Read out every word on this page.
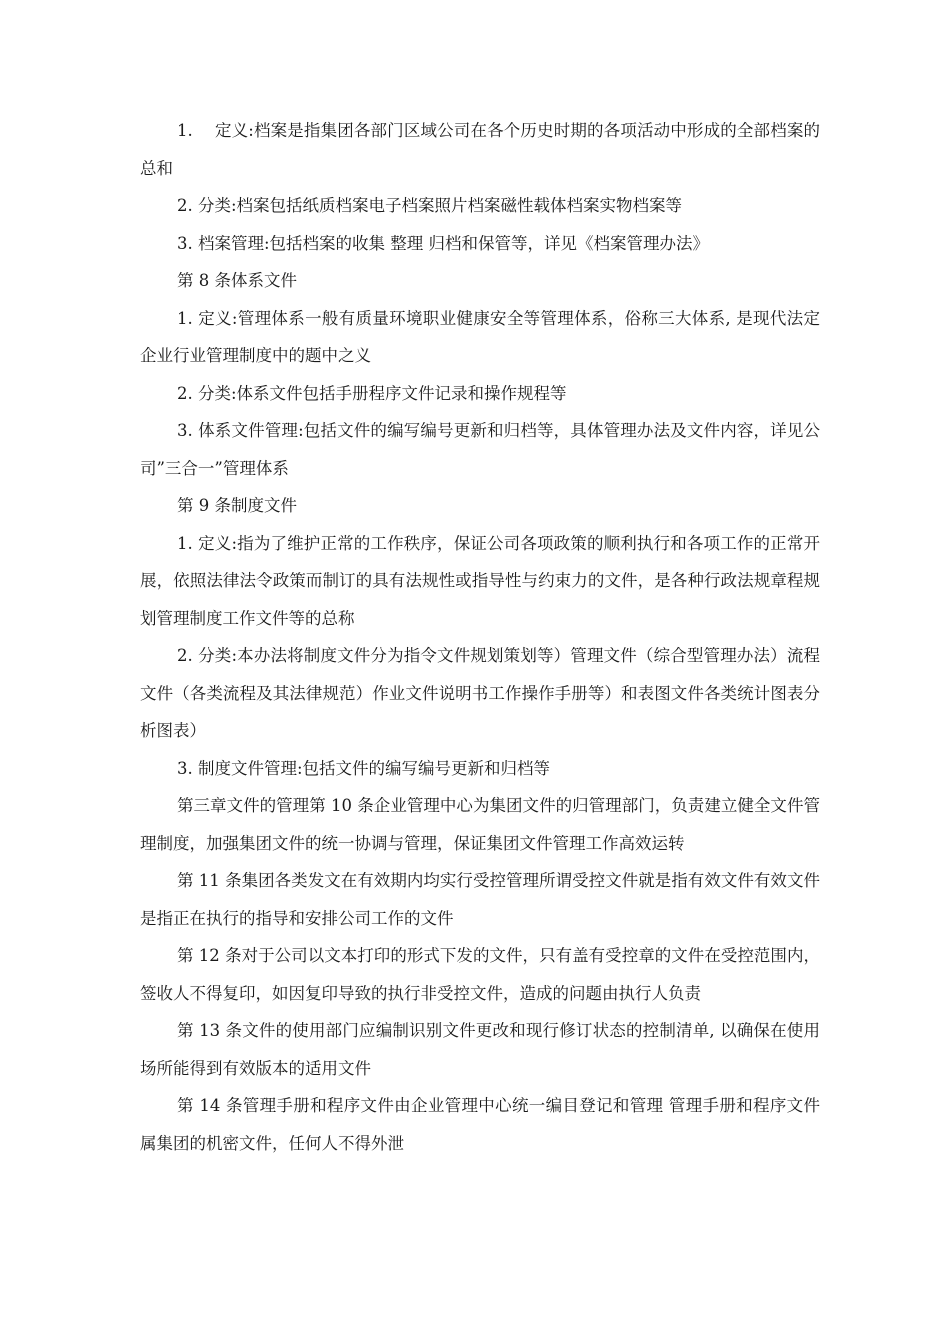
1.　 定义:档案是指集团各部门区域公司在各个历史时期的各项活动中形成的全部档案的总和

2. 分类:档案包括纸质档案电子档案照片档案磁性载体档案实物档案等

3. 档案管理:包括档案的收集 整理 归档和保管等，详见《档案管理办法》

第 8 条体系文件

1. 定义:管理体系一般有质量环境职业健康安全等管理体系，俗称三大体系, 是现代法定企业行业管理制度中的题中之义

2. 分类:体系文件包括手册程序文件记录和操作规程等

3. 体系文件管理:包括文件的编写编号更新和归档等，具体管理办法及文件内容，详见公司”三合一”管理体系

第 9 条制度文件

1. 定义:指为了维护正常的工作秩序，保证公司各项政策的顺利执行和各项工作的正常开展，依照法律法令政策而制订的具有法规性或指导性与约束力的文件，是各种行政法规章程规划管理制度工作文件等的总称

2. 分类:本办法将制度文件分为指令文件规划策划等）管理文件（综合型管理办法）流程文件（各类流程及其法律规范）作业文件说明书工作操作手册等）和表图文件各类统计图表分析图表）

3. 制度文件管理:包括文件的编写编号更新和归档等

第三章文件的管理第 10 条企业管理中心为集团文件的归管理部门，负责建立健全文件管理制度，加强集团文件的统一协调与管理，保证集团文件管理工作高效运转

第 11 条集团各类发文在有效期内均实行受控管理所谓受控文件就是指有效文件有效文件是指正在执行的指导和安排公司工作的文件

第 12 条对于公司以文本打印的形式下发的文件，只有盖有受控章的文件在受控范围内，签收人不得复印，如因复印导致的执行非受控文件，造成的问题由执行人负责

第 13 条文件的使用部门应编制识别文件更改和现行修订状态的控制清单, 以确保在使用场所能得到有效版本的适用文件

第 14 条管理手册和程序文件由企业管理中心统一编目登记和管理 管理手册和程序文件属集团的机密文件，任何人不得外泄
